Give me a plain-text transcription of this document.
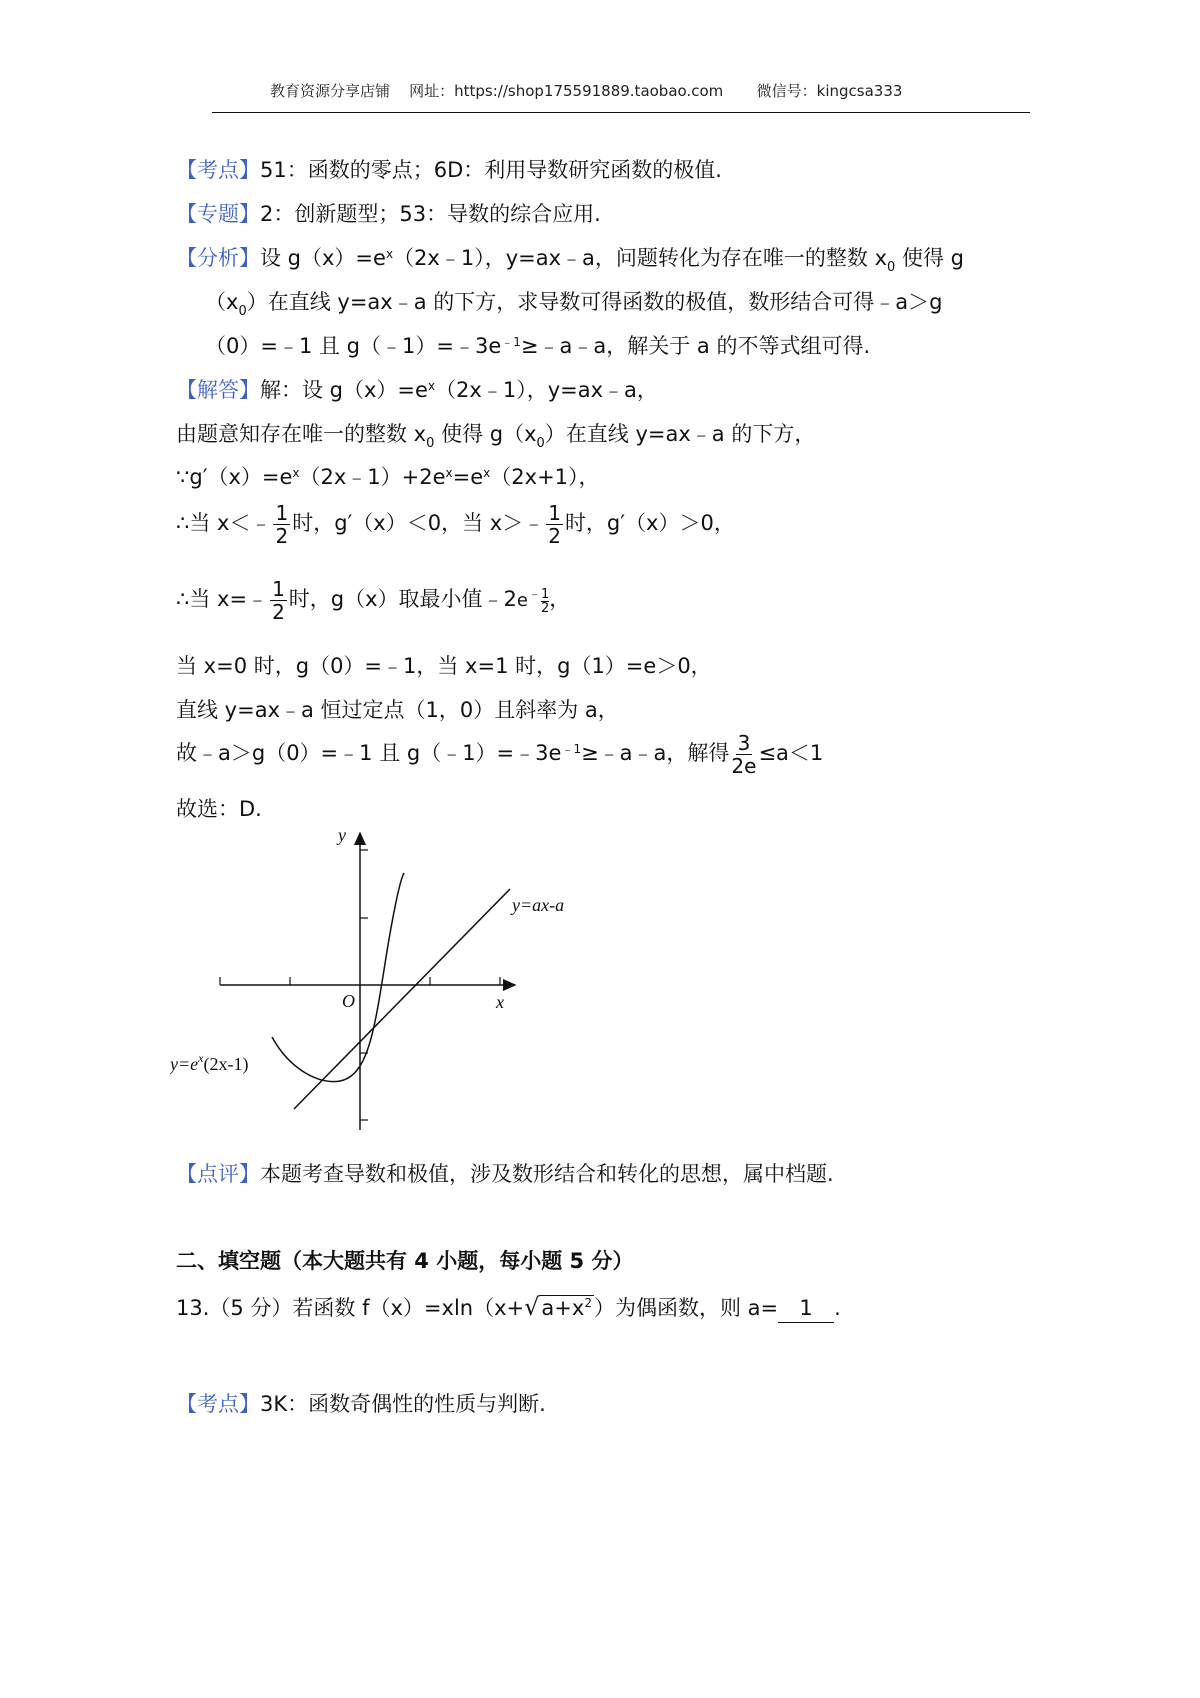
教育资源分享店铺 网址：https://shop175591889.taobao.com 微信号：kingcsa333
【考点】51：函数的零点；6D：利用导数研究函数的极值.
【专题】2：创新题型；53：导数的综合应用.
【分析】设 $g(x)=e^x(2x﹣1)$，y=ax﹣a，问题转化为存在唯一的整数 $x_0$ 使得 g
$(x_0)$在直线 y=ax﹣a 的下方，求导数可得函数的极值，数形结合可得﹣a＞g
（0）=﹣1 且 $g(﹣1)=﹣3e^{﹣1}\ge﹣a﹣a$，解关于 a 的不等式组可得.
【解答】解：设 $g(x)=e^x(2x﹣1)$，y=ax﹣a，
由题意知存在唯一的整数 $x_0$ 使得 $g(x_0)$在直线 y=ax﹣a 的下方，
$\because g'(x)=e^x(2x﹣1)+2e^x=e^x(2x+1)$，
∴当 x＜﹣ $\frac{1}{2}$ 时，g′（x）＜0，当 x＞﹣ $\frac{1}{2}$ 时，g′（x）＞0，
∴当 x=﹣ $\frac{1}{2}$ 时，g（x）取最小值﹣2e﹣ $\frac{1}{2}$ ，
当 x=0 时，g（0）=﹣1，当 x=1 时，g（1）=e＞0，
直线 y=ax﹣a 恒过定点（1，0）且斜率为 a，
故﹣a＞g（0）=﹣1 且 $g(﹣1)=﹣3e^{﹣1}\ge﹣a﹣a$，解得 $\frac{3}{2e} \le a<1$
故选：D.
y
x
O
y=ax-a
$y=e^x(2x-1)$
【点评】本题考查导数和极值，涉及数形结合和转化的思想，属中档题.
二、填空题（本大题共有 4 小题，每小题 5 分）
13.（5 分）若函数 $f(x)=xln(x+√a+x^2)$为偶函数，则 a= 1 .
【考点】3K：函数奇偶性的性质与判断.
